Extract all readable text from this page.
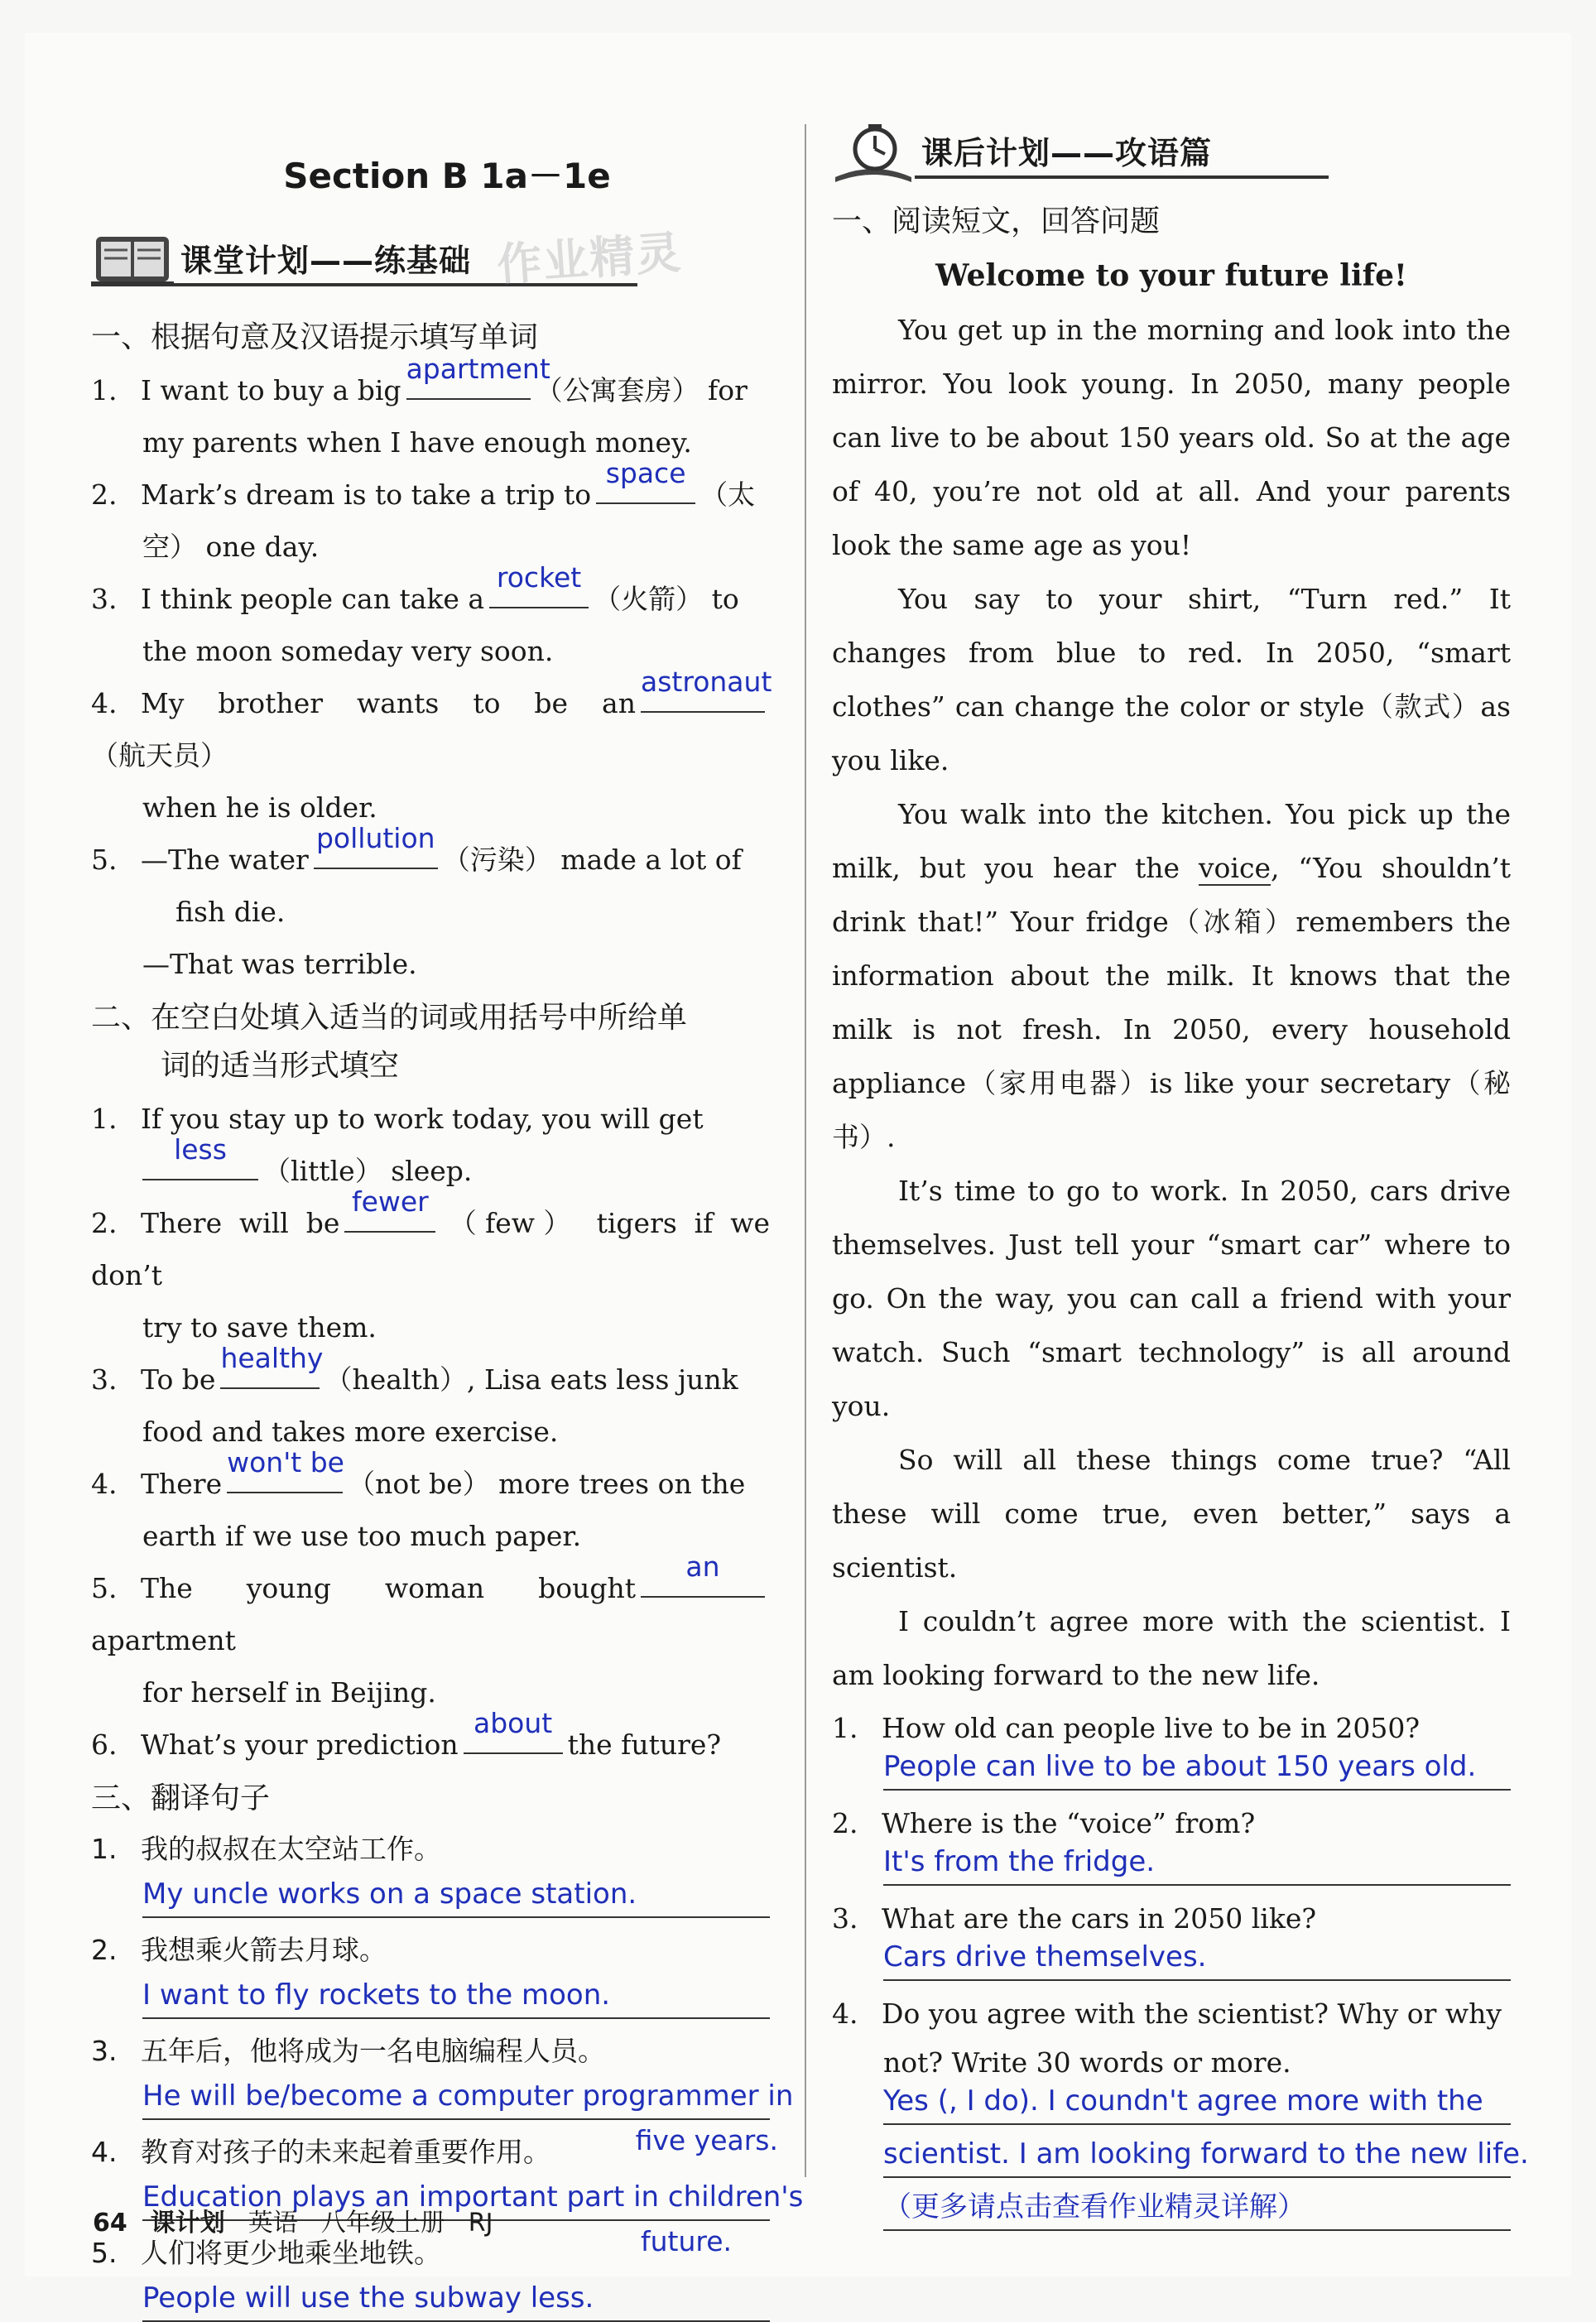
Section B 1a－1e
课堂计划——练基础 作业精灵
一、根据句意及汉语提示填写单词
1. I want to buy a big
apartment
（公寓套房） for
my parents when I have enough money.
2. Mark’s dream is to take a trip to
space
（太
空） one day.
3. I think people can take a
rocket
（火箭） to
the moon someday very soon.
4. My brother wants to be an
astronaut
（航天员）
when he is older.
5. —The water
pollution
（污染） made a lot of
fish die.
—That was terrible.
二、在空白处填入适当的词或用括号中所给单
词的适当形式填空
1. If you stay up to work today, you will get
less
（little） sleep.
2. There will be
fewer
（few） tigers if we don’t
try to save them.
3. To be
healthy
（health）, Lisa eats less junk
food and takes more exercise.
4. There
won't be
（not be） more trees on the
earth if we use too much paper.
5. The young woman bought
an
apartment
for herself in Beijing.
6. What’s your prediction
about
the future?
三、翻译句子
1. 我的叔叔在太空站工作。
My uncle works on a space station.
2. 我想乘火箭去月球。
I want to fly rockets to the moon.
3. 五年后，他将成为一名电脑编程人员。
He will be/become a computer programmer in
4. 教育对孩子的未来起着重要作用。	five years.
Education plays an important part in children's
5. 人们将更少地乘坐地铁。	future.
People will use the subway less.
课后计划——攻语篇
一、阅读短文，回答问题
Welcome to your future life!
You get up in the morning and look into the mirror. You look young. In 2050, many people can live to be about 150 years old. So at the age of 40, you’re not old at all. And your parents look the same age as you!
You say to your shirt, “Turn red.” It changes from blue to red. In 2050, “smart clothes” can change the color or style（款式）as you like.
You walk into the kitchen. You pick up the milk, but you hear the voice, “You shouldn’t drink that!” Your fridge（冰箱）remembers the information about the milk. It knows that the milk is not fresh. In 2050, every household appliance（家用电器）is like your secretary（秘书）.
It’s time to go to work. In 2050, cars drive themselves. Just tell your “smart car” where to go. On the way, you can call a friend with your watch. Such “smart technology” is all around you.
So will all these things come true? “All these will come true, even better,” says a scientist.
I couldn’t agree more with the scientist. I am looking forward to the new life.
1. How old can people live to be in 2050?
People can live to be about 150 years old.
2. Where is the “voice” from?
It's from the fridge.
3. What are the cars in 2050 like?
Cars drive themselves.
4. Do you agree with the scientist? Why or why
not? Write 30 words or more.
Yes (, I do). I coundn't agree more with the
scientist. I am looking forward to the new life.
（更多请点击查看作业精灵详解）
64 课计划 英语 八年级上册 RJ
